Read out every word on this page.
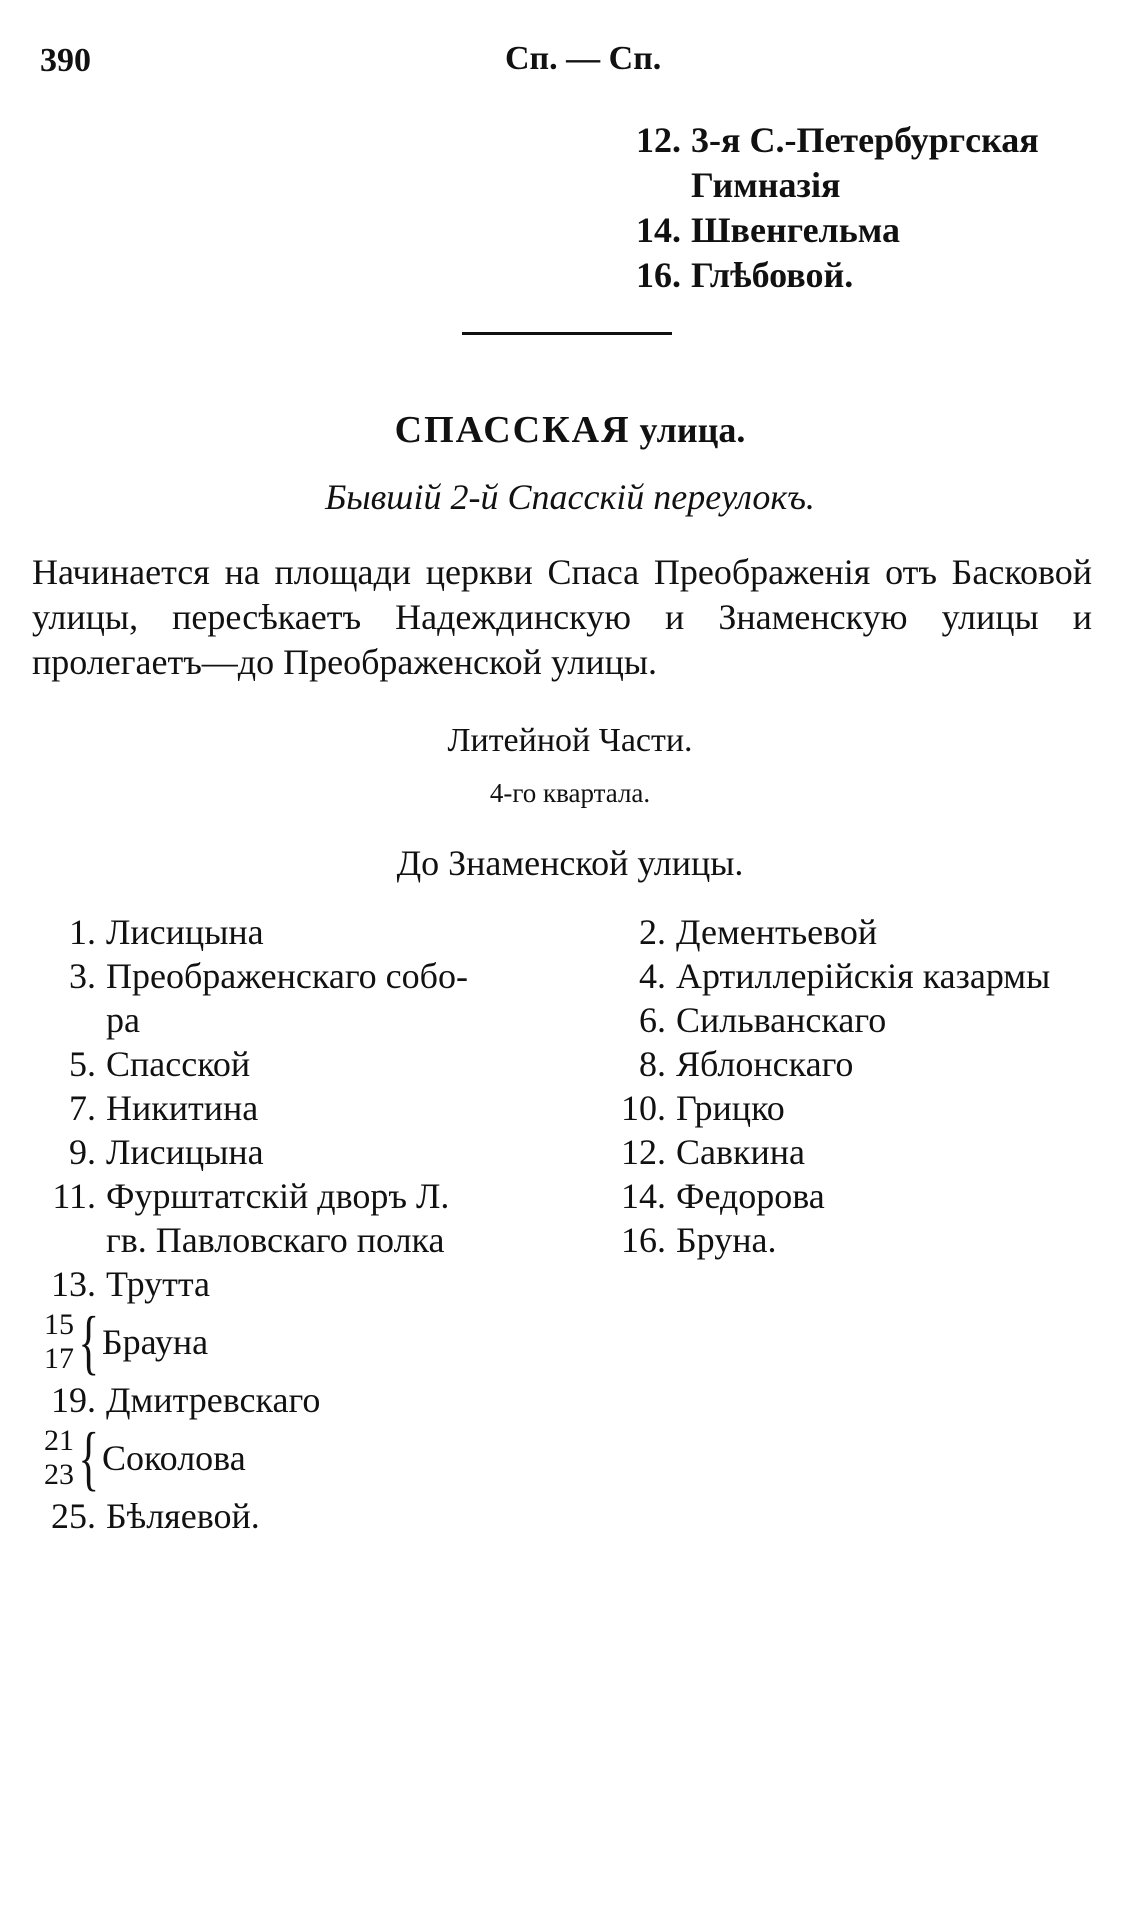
390	Сп. — Сп.
12. 3-я С.-Петербургская
Гимназія
14. Швенгельма
16. Глѣбовой.
СПАССКАЯ улица.
Бывшій 2-й Спасскій переулокъ.
Начинается на площади церкви Спаса Преображенія отъ Басковой улицы, пересѣкаетъ Надеждинскую и Знаменскую улицы и пролегаетъ—до Преображенской улицы.
Литейной Части.
4-го квартала.
До Знаменской улицы.
1. Лисицына
3. Преображенскаго собо-
ра
5. Спасской
7. Никитина
9. Лисицына
11. Фурштатскій дворъ Л.
гв. Павловскаго полка
13. Трутта
15
17 { Брауна
19. Дмитревскаго
21
23 { Соколова
25. Бѣляевой.
2. Дементьевой
4. Артиллерійскія казармы
6. Сильванскаго
8. Яблонскаго
10. Грицко
12. Савкина
14. Федорова
16. Бруна.
